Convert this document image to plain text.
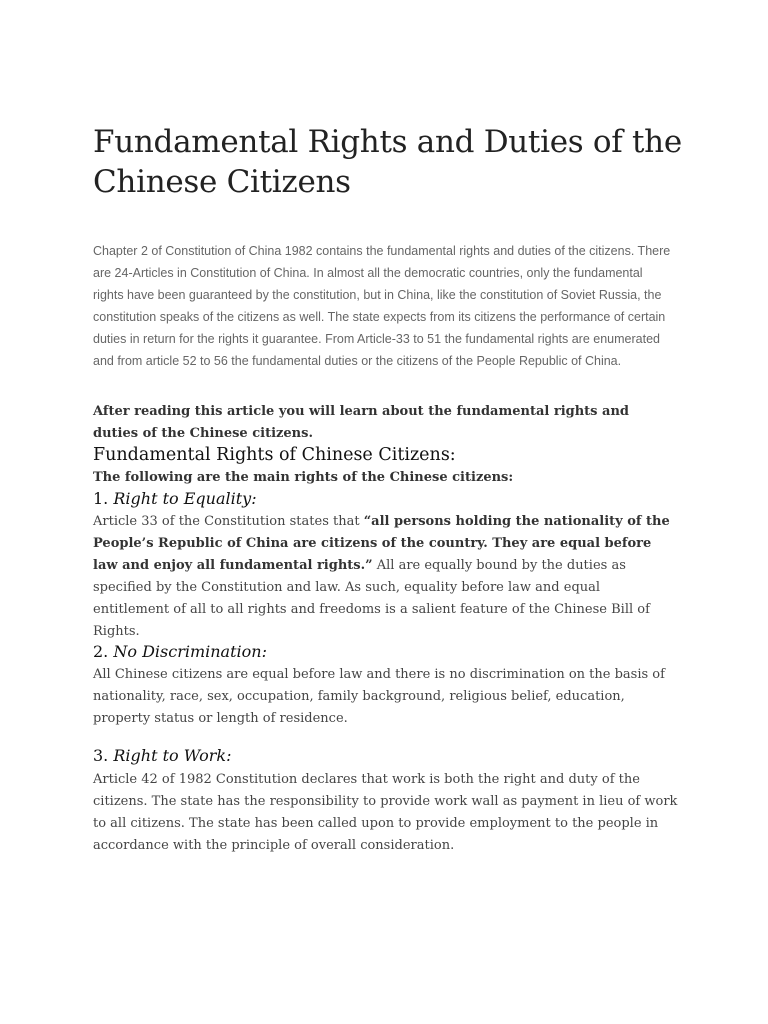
Fundamental Rights and Duties of the Chinese Citizens

Chapter 2 of Constitution of China 1982 contains the fundamental rights and duties of the citizens. There are 24-Articles in Constitution of China. In almost all the democratic countries, only the fundamental rights have been guaranteed by the constitution, but in China, like the constitution of Soviet Russia, the constitution speaks of the citizens as well. The state expects from its citizens the performance of certain duties in return for the rights it guarantee. From Article-33 to 51 the fundamental rights are enumerated and from article 52 to 56 the fundamental duties or the citizens of the People Republic of China.

After reading this article you will learn about the fundamental rights and duties of the Chinese citizens.

Fundamental Rights of Chinese Citizens:

The following are the main rights of the Chinese citizens:

1. Right to Equality:

Article 33 of the Constitution states that “all persons holding the nationality of the People’s Republic of China are citizens of the country. They are equal before law and enjoy all fundamental rights.” All are equally bound by the duties as specified by the Constitution and law. As such, equality before law and equal entitlement of all to all rights and freedoms is a salient feature of the Chinese Bill of Rights.

2. No Discrimination:

All Chinese citizens are equal before law and there is no discrimination on the basis of nationality, race, sex, occupation, family background, religious belief, education, property status or length of residence.

3. Right to Work:

Article 42 of 1982 Constitution declares that work is both the right and duty of the citizens. The state has the responsibility to provide work wall as payment in lieu of work to all citizens. The state has been called upon to provide employment to the people in accordance with the principle of overall consideration.
